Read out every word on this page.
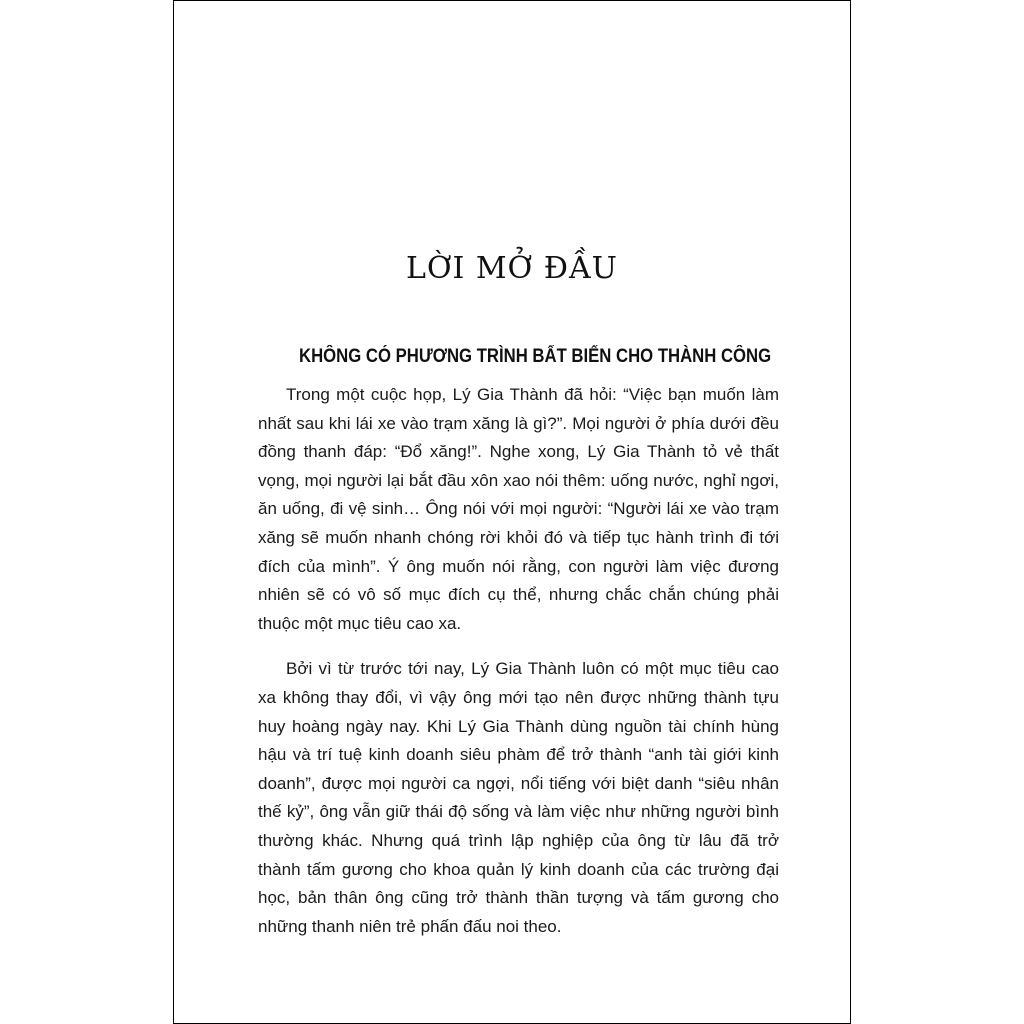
LỜI MỞ ĐẦU
KHÔNG CÓ PHƯƠNG TRÌNH BẤT BIẾN CHO THÀNH CÔNG

Trong một cuộc họp, Lý Gia Thành đã hỏi: “Việc bạn muốn làm nhất sau khi lái xe vào trạm xăng là gì?”. Mọi người ở phía dưới đều đồng thanh đáp: “Đổ xăng!”. Nghe xong, Lý Gia Thành tỏ vẻ thất vọng, mọi người lại bắt đầu xôn xao nói thêm: uống nước, nghỉ ngơi, ăn uống, đi vệ sinh… Ông nói với mọi người: “Người lái xe vào trạm xăng sẽ muốn nhanh chóng rời khỏi đó và tiếp tục hành trình đi tới đích của mình”. Ý ông muốn nói rằng, con người làm việc đương nhiên sẽ có vô số mục đích cụ thể, nhưng chắc chắn chúng phải thuộc một mục tiêu cao xa.

Bởi vì từ trước tới nay, Lý Gia Thành luôn có một mục tiêu cao xa không thay đổi, vì vậy ông mới tạo nên được những thành tựu huy hoàng ngày nay. Khi Lý Gia Thành dùng nguồn tài chính hùng hậu và trí tuệ kinh doanh siêu phàm để trở thành “anh tài giới kinh doanh”, được mọi người ca ngợi, nổi tiếng với biệt danh “siêu nhân thế kỷ”, ông vẫn giữ thái độ sống và làm việc như những người bình thường khác. Nhưng quá trình lập nghiệp của ông từ lâu đã trở thành tấm gương cho khoa quản lý kinh doanh của các trường đại học, bản thân ông cũng trở thành thần tượng và tấm gương cho những thanh niên trẻ phấn đấu noi theo.
